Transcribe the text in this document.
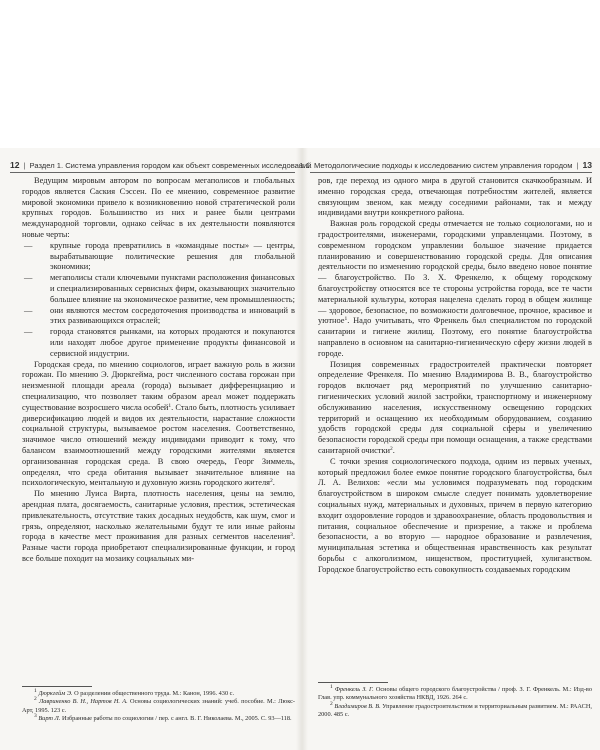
12 | Раздел 1. Система управления городом как объект современных исследований

Ведущим мировым автором по вопросам мегаполисов и глобальных городов является Саския Сэссен. По ее мнению, современное развитие мировой экономики привело к возникновению новой стратегической роли крупных городов. Большинство из них и ранее были центрами международной торговли, однако сейчас в их деятельности появляются новые черты:

— крупные города превратились в «командные посты» — центры, вырабатывающие политические решения для глобальной экономики;
— мегаполисы стали ключевыми пунктами расположения финансовых и специализированных сервисных фирм, оказывающих значительно большее влияние на экономическое развитие, чем промышленность;
— они являются местом сосредоточения производства и инноваций в этих развивающихся отраслей;
— города становятся рынками, на которых продаются и покупаются или находят любое другое применение продукты финансовой и сервисной индустрии.

Городская среда, по мнению социологов, играет важную роль в жизни горожан. По мнению Э. Дюркгейма, рост численного состава горожан при неизменной площади ареала (города) вызывает дифференциацию и специализацию, что позволяет таким образом ареал может поддержать существование возросшего числа особей$^1$. Стало быть, плотность усиливает диверсификацию людей и видов их деятельности, нарастание сложности социальной структуры, вызываемое ростом населения. Соответственно, значимое число отношений между индивидами приводит к тому, что балансом взаимоотношений между городскими жителями является организованная городская среда. В свою очередь, Георг Зиммель, определял, что среда обитания вызывает значительное влияние на психологическую, ментальную и духовную жизнь городского жителя$^2$.

По мнению Луиса Вирта, плотность населения, цены на землю, арендная плата, досягаемость, санитарные условия, престиж, эстетическая привлекательность, отсутствие таких досадных неудобств, как шум, смог и грязь, определяют, насколько желательными будут те или иные районы города в качестве мест проживания для разных сегментов населения$^3$. Разные части города приобретают специализированные функции, и город все больше походит на мозаику социальных ми-

$^1$ Дюркгейм Э. О разделении общественного труда. М.: Канон, 1996. 430 с.

$^2$ Лавриненко В. Н., Нартов Н. А. Основы социологических знаний: учеб. пособие. М.: Люкс-Арт, 1995. 123 с.

$^3$ Вирт Л. Избранные работы по социологии / пер. с англ. В. Г. Николаева. М., 2005. С. 93—118.

1.1. Методологические подходы к исследованию систем управления городом | 13

ров, где переход из одного мира в другой становится скачкообразным. И именно городская среда, отвечающая потребностям жителей, является связующим звеном, как между соседними районами, так и между индивидами внутри конкретного района.

Важная роль городской среды отмечается не только социологами, но и градостроителями, инженерами, городскими управленцами. Поэтому, в современном городском управлении большое значение придается планированию и совершенствованию городской среды. Для описания деятельности по изменению городской среды, было введено новое понятие — благоустройство. По З. Х. Френкелю, к общему городскому благоустройству относятся все те стороны устройства города, все те части материальной культуры, которая нацелена сделать город в общем жилище — здоровое, безопасное, по возможности долговечное, прочное, красивое и уютное$^1$. Надо учитывать, что Френкель был специалистом по городской санитарии и гигиене жилищ. Поэтому, его понятие благоустройства направлено в основном на санитарно-гигиеническую сферу жизни людей в городе.

Позиция современных градостроителей практически повторяет определение Френкеля. По мнению Владимирова В. В., благоустройство городов включает ряд мероприятий по улучшению санитарно-гигиенических условий жилой застройки, транспортному и инженерному обслуживанию населения, искусственному освещению городских территорий и оснащению их необходимым оборудованием, созданию удобств городской среды для социальной сферы и увеличению безопасности городской среды при помощи оснащения, а также средствами санитарной очистки$^2$.

С точки зрения социологического подхода, одним из первых ученых, который предложил более емкое понятие городского благоустройства, был Л. А. Велихов: «если мы условимся подразумевать под городским благоустройством в широком смысле следует понимать удовлетворение социальных нужд, материальных и духовных, причем в первую категорию входит оздоровление городов и здравоохранение, область продовольствия и питания, социальное обеспечение и призрение, а также и проблема безопасности, а во вторую — народное образование и развлечения, муниципальная эстетика и общественная нравственность как результат борьбы с алкоголизмом, нищенством, проституцией, хулиганством. Городское благоустройство есть совокупность создаваемых городским

$^1$ Френкель З. Г. Основы общего городского благоустройства / проф. З. Г. Френкель. М.: Изд-во Глав. упр. коммунального хозяйства НКВД, 1926. 264 с.

$^2$ Владимиров В. В. Управление градостроительством и территориальным развитием. М.: РААСН, 2000. 485 с.
